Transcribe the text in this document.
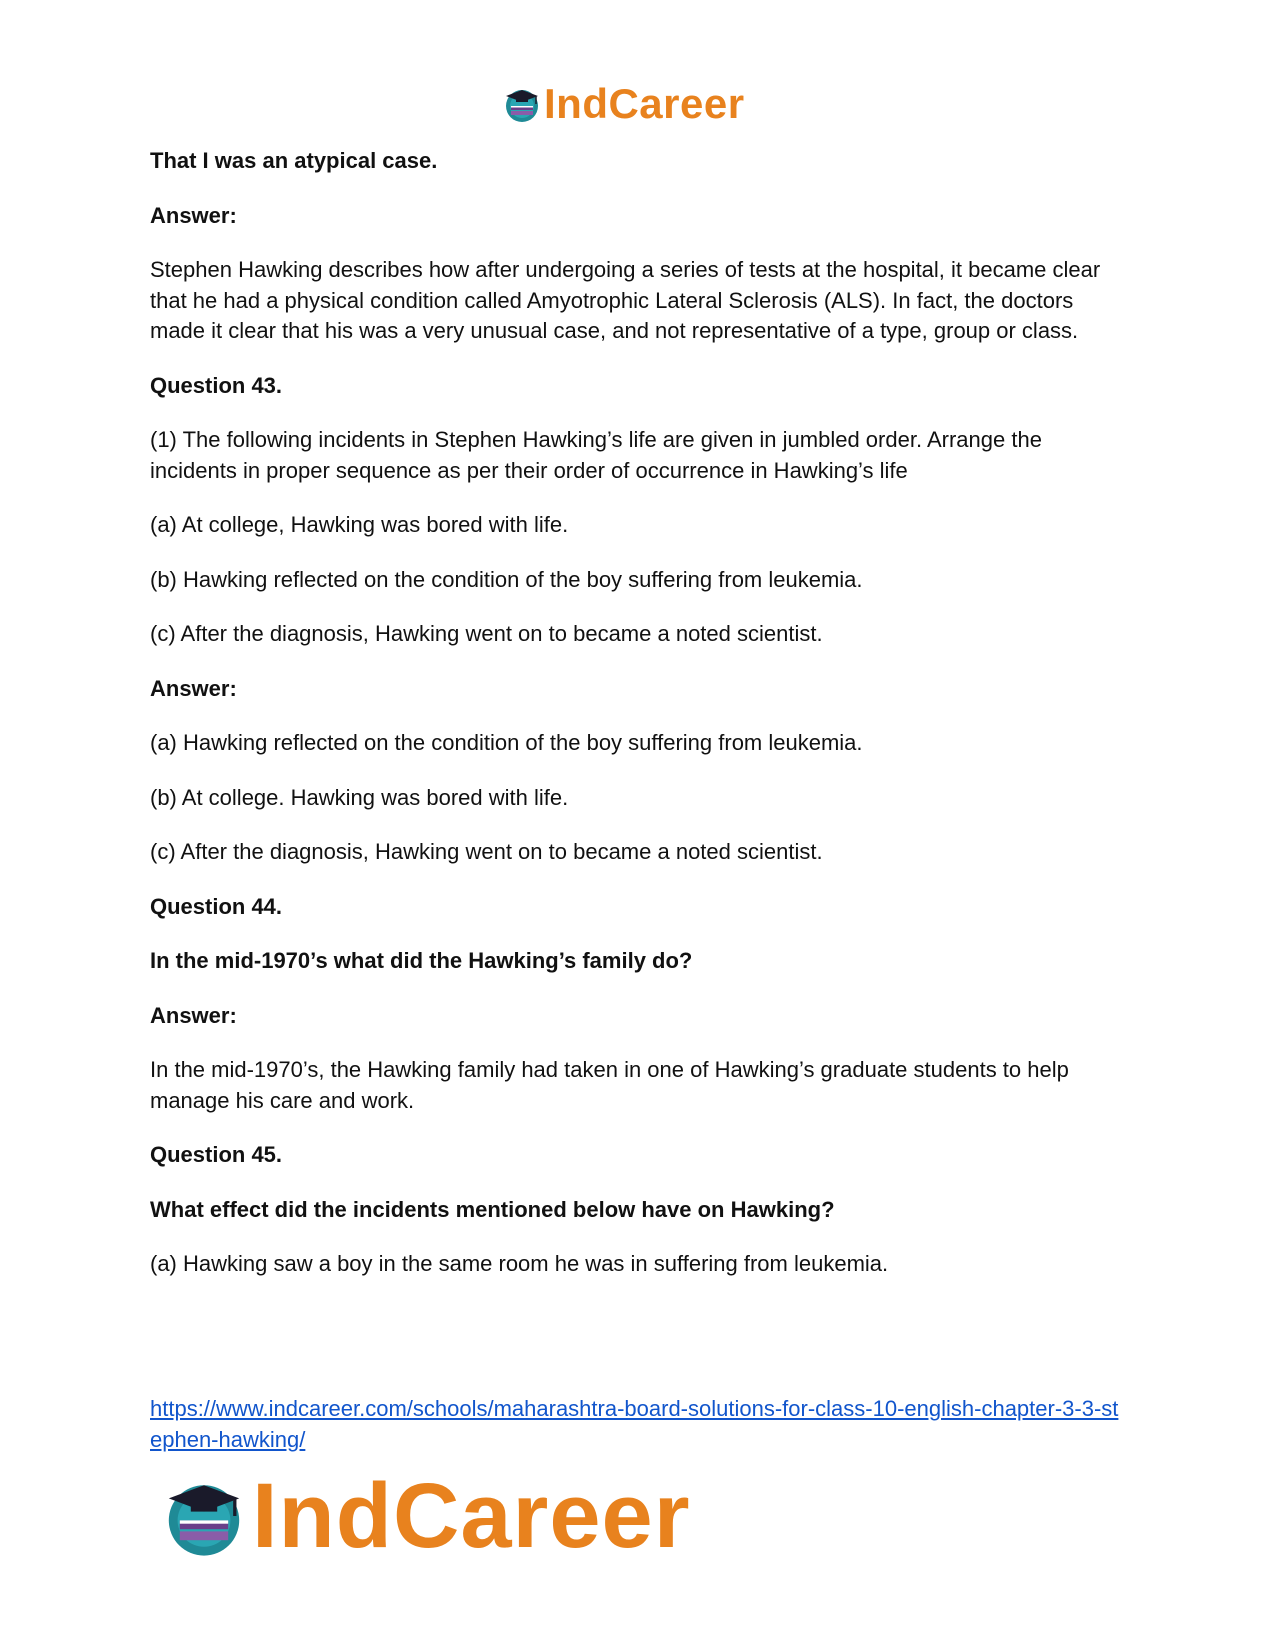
IndCareer

That I was an atypical case.

Answer:

Stephen Hawking describes how after undergoing a series of tests at the hospital, it became clear that he had a physical condition called Amyotrophic Lateral Sclerosis (ALS). In fact, the doctors made it clear that his was a very unusual case, and not representative of a type, group or class.

Question 43.

(1) The following incidents in Stephen Hawking’s life are given in jumbled order. Arrange the incidents in proper sequence as per their order of occurrence in Hawking’s life

(a) At college, Hawking was bored with life.

(b) Hawking reflected on the condition of the boy suffering from leukemia.

(c) After the diagnosis, Hawking went on to became a noted scientist.

Answer:

(a) Hawking reflected on the condition of the boy suffering from leukemia.

(b) At college. Hawking was bored with life.

(c) After the diagnosis, Hawking went on to became a noted scientist.

Question 44.

In the mid-1970’s what did the Hawking’s family do?

Answer:

In the mid-1970’s, the Hawking family had taken in one of Hawking’s graduate students to help manage his care and work.

Question 45.

What effect did the incidents mentioned below have on Hawking?

(a) Hawking saw a boy in the same room he was in suffering from leukemia.

https://www.indcareer.com/schools/maharashtra-board-solutions-for-class-10-english-chapter-3-3-stephen-hawking/
IndCareer
